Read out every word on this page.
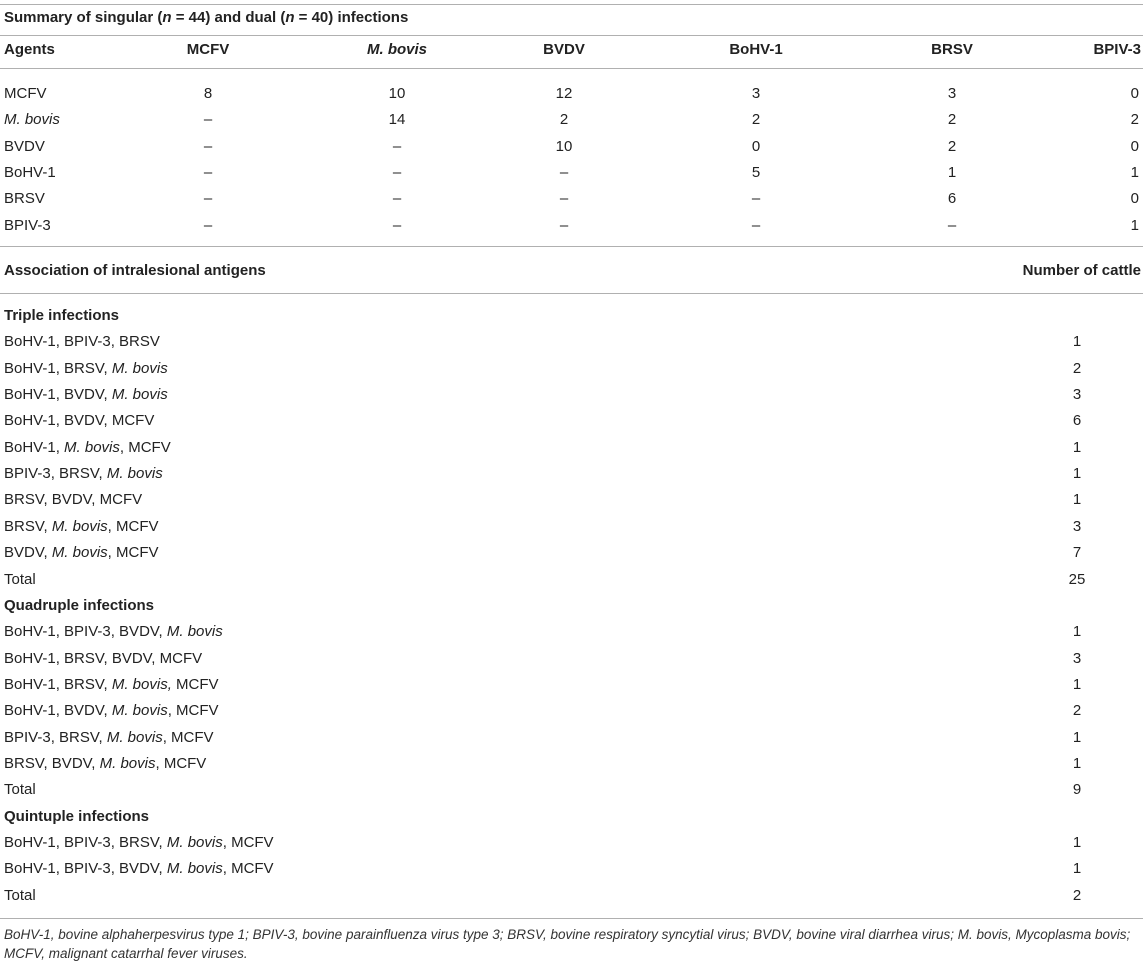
Summary of singular (n = 44) and dual (n = 40) infections
Agents	MCFV	M. bovis	BVDV	BoHV-1	BRSV	BPIV-3
MCFV	8	10	12	3	3	0
M. bovis	–	14	2	2	2	2
BVDV	–	–	10	0	2	0
BoHV-1	–	–	–	5	1	1
BRSV	–	–	–	–	6	0
BPIV-3	–	–	–	–	–	1
Association of intralesional antigens	Number of cattle
Triple infections
BoHV-1, BPIV-3, BRSV	1
BoHV-1, BRSV, M. bovis	2
BoHV-1, BVDV, M. bovis	3
BoHV-1, BVDV, MCFV	6
BoHV-1, M. bovis, MCFV	1
BPIV-3, BRSV, M. bovis	1
BRSV, BVDV, MCFV	1
BRSV, M. bovis, MCFV	3
BVDV, M. bovis, MCFV	7
Total	25
Quadruple infections
BoHV-1, BPIV-3, BVDV, M. bovis	1
BoHV-1, BRSV, BVDV, MCFV	3
BoHV-1, BRSV, M. bovis, MCFV	1
BoHV-1, BVDV, M. bovis, MCFV	2
BPIV-3, BRSV, M. bovis, MCFV	1
BRSV, BVDV, M. bovis, MCFV	1
Total	9
Quintuple infections
BoHV-1, BPIV-3, BRSV, M. bovis, MCFV	1
BoHV-1, BPIV-3, BVDV, M. bovis, MCFV	1
Total	2
BoHV-1, bovine alphaherpesvirus type 1; BPIV-3, bovine parainfluenza virus type 3; BRSV, bovine respiratory syncytial virus; BVDV, bovine viral diarrhea virus; M. bovis, Mycoplasma bovis; MCFV, malignant catarrhal fever viruses.
